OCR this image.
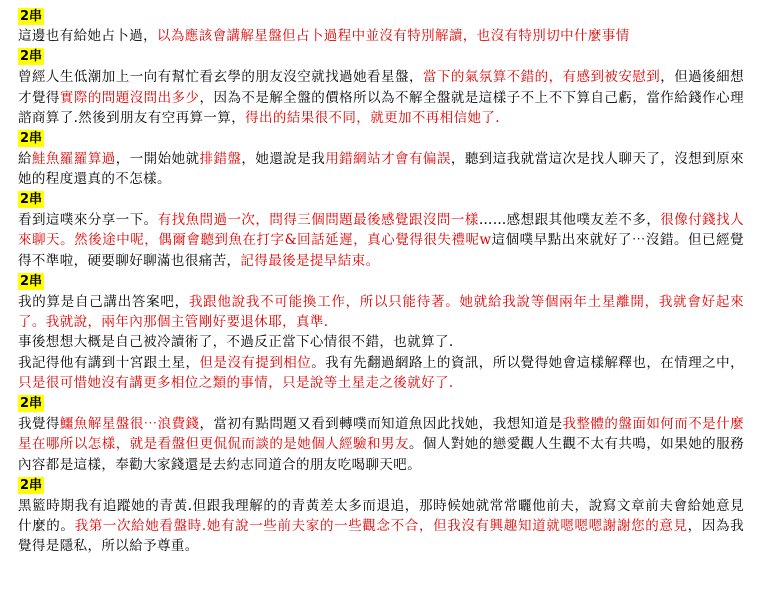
2串

這邊也有給她占卜過，以為應該會講解星盤但占卜過程中並沒有特別解讀，也沒有特別切中什麼事情

2串

曾經人生低潮加上一向有幫忙看玄學的朋友沒空就找過她看星盤，當下的氣氛算不錯的，有感到被安慰到，但過後細想才覺得實際的問題沒問出多少，因為不是解全盤的價格所以為不解全盤就是這樣子不上不下算自己虧，當作給錢作心理諮商算了.然後到朋友有空再算一算，得出的結果很不同，就更加不再相信她了.

2串

給鮭魚羅羅算過，一開始她就排錯盤，她還說是我用錯網站才會有偏誤，聽到這我就當這次是找人聊天了，沒想到原來她的程度還真的不怎樣。

2串

看到這噗來分享一下。有找魚問過一次，問得三個問題最後感覺跟沒問一樣……感想跟其他噗友差不多，很像付錢找人來聊天。然後途中呢，偶爾會聽到魚在打字&回話延遲，真心覺得很失禮呢w這個噗早點出來就好了⋯沒錯。但已經覺得不準啦，硬要聊好聊滿也很痛苦，記得最後是提早結束。

2串

我的算是自己講出答案吧，我跟他說我不可能換工作，所以只能待著。她就給我說等個兩年土星離開，我就會好起來了。我就說，兩年內那個主管剛好要退休耶，真準.

事後想想大概是自己被冷讀術了，不過反正當下心情很不錯，也就算了.

我記得他有講到十宮跟土星，但是沒有提到相位。我有先翻過網路上的資訊，所以覺得她會這樣解釋也，在情理之中，只是很可惜她沒有講更多相位之類的事情，只是說等土星走之後就好了.

2串

我覺得鱷魚解星盤很⋯浪費錢，當初有點問題又看到轉噗而知道魚因此找她，我想知道是我整體的盤面如何而不是什麼星在哪所以怎樣，就是看盤但更侃侃而談的是她個人經驗和男友。個人對她的戀愛觀人生觀不太有共鳴，如果她的服務內容都是這樣，奉勸大家錢還是去約志同道合的朋友吃喝聊天吧。

2串

黑籃時期我有追蹤她的青黃.但跟我理解的的青黃差太多而退追，那時候她就常常曬他前夫，說寫文章前夫會給她意見什麼的。我第一次給她看盤時.她有說一些前夫家的一些觀念不合，但我沒有興趣知道就嗯嗯嗯謝謝您的意見，因為我覺得是隱私，所以給予尊重。
